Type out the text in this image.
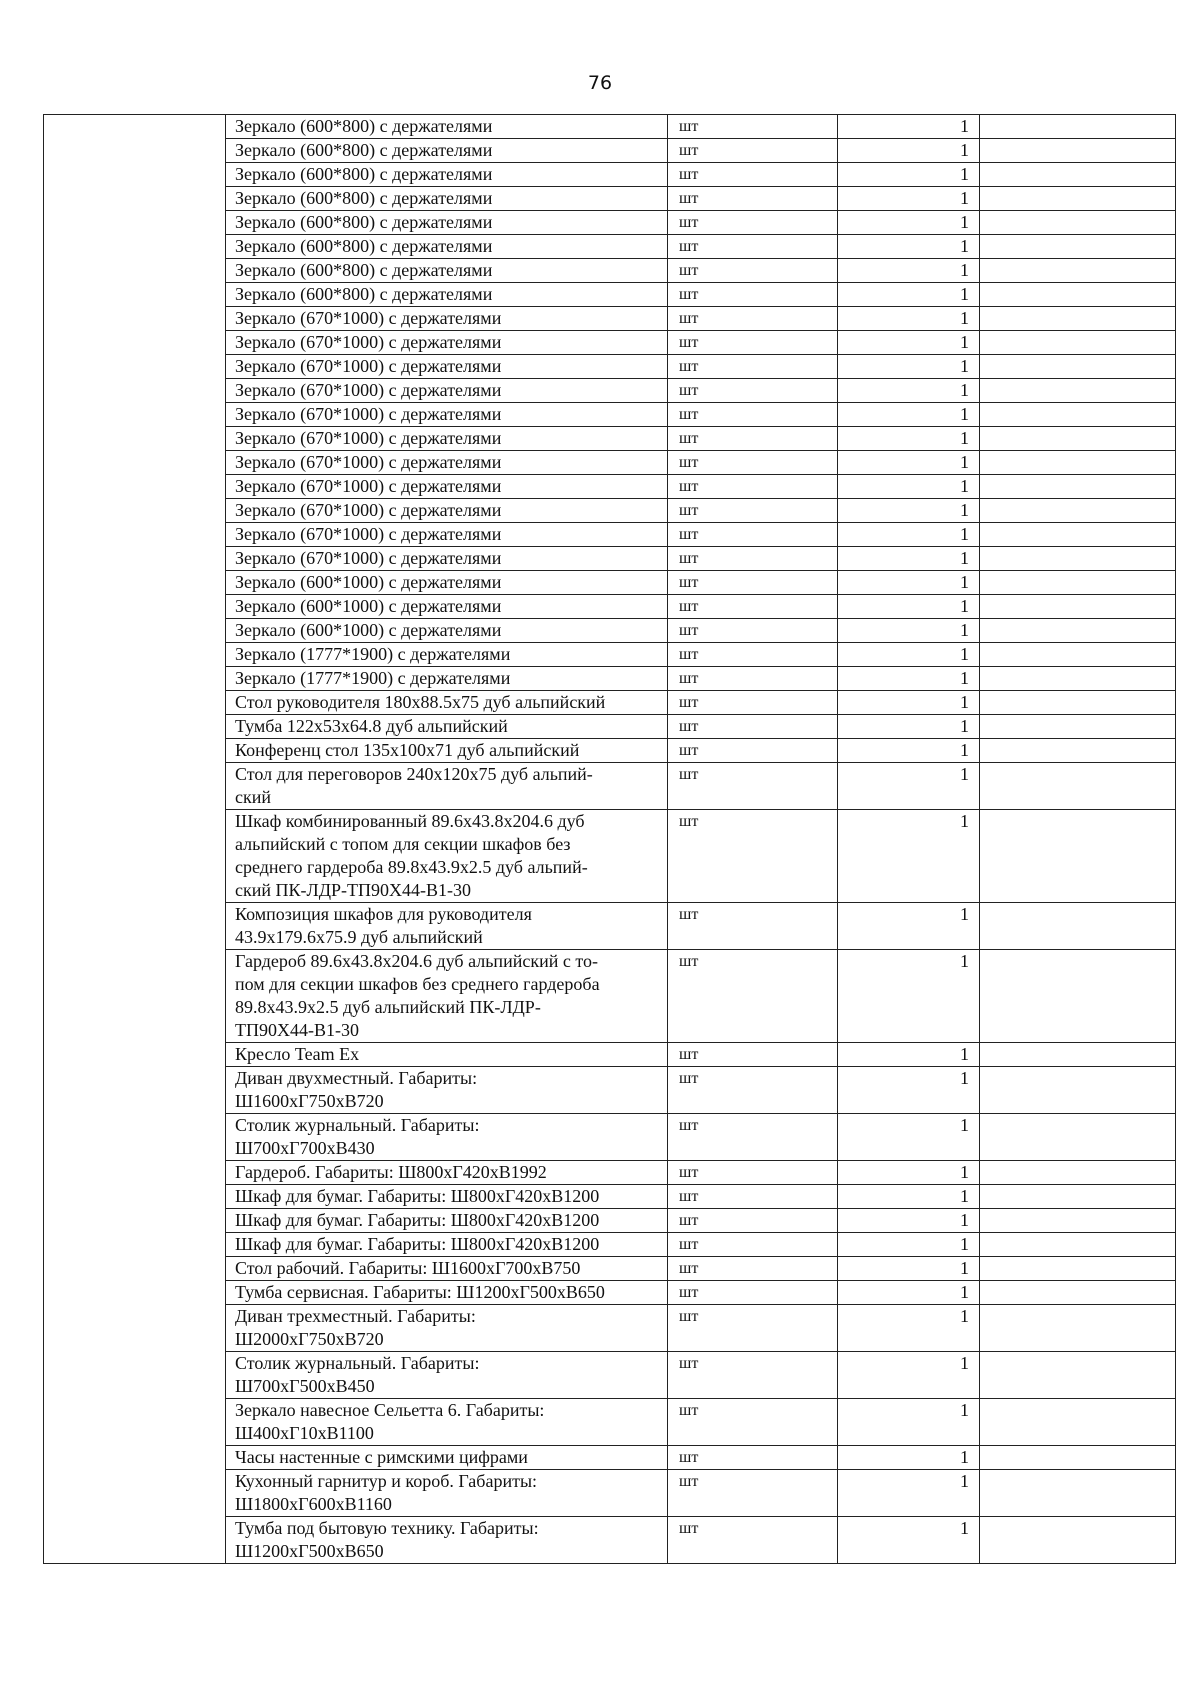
76
	Зеркало (600*800) с держателями	шт	1	
	Зеркало (600*800) с держателями	шт	1	
	Зеркало (600*800) с держателями	шт	1	
	Зеркало (600*800) с держателями	шт	1	
	Зеркало (600*800) с держателями	шт	1	
	Зеркало (600*800) с держателями	шт	1	
	Зеркало (600*800) с держателями	шт	1	
	Зеркало (600*800) с держателями	шт	1	
	Зеркало (670*1000) с держателями	шт	1	
	Зеркало (670*1000) с держателями	шт	1	
	Зеркало (670*1000) с держателями	шт	1	
	Зеркало (670*1000) с держателями	шт	1	
	Зеркало (670*1000) с держателями	шт	1	
	Зеркало (670*1000) с держателями	шт	1	
	Зеркало (670*1000) с держателями	шт	1	
	Зеркало (670*1000) с держателями	шт	1	
	Зеркало (670*1000) с держателями	шт	1	
	Зеркало (670*1000) с держателями	шт	1	
	Зеркало (670*1000) с держателями	шт	1	
	Зеркало (600*1000) с держателями	шт	1	
	Зеркало (600*1000) с держателями	шт	1	
	Зеркало (600*1000) с держателями	шт	1	
	Зеркало (1777*1900) с держателями	шт	1	
	Зеркало (1777*1900) с держателями	шт	1	
	Стол руководителя 180х88.5х75 дуб альпийский	шт	1	
	Тумба 122х53х64.8 дуб альпийский	шт	1	
	Конференц стол 135х100х71 дуб альпийский	шт	1	
	Стол для переговоров 240х120х75 дуб альпий-
ский	шт	1	
	Шкаф комбинированный 89.6х43.8х204.6 дуб
альпийский с топом для секции шкафов без
среднего гардероба 89.8х43.9х2.5 дуб альпий-
ский ПК-ЛДР-ТП90Х44-В1-30	шт	1	
	Композиция шкафов для руководителя
43.9х179.6х75.9 дуб альпийский	шт	1	
	Гардероб 89.6х43.8х204.6 дуб альпийский с то-
пом для секции шкафов без среднего гардероба
89.8х43.9х2.5 дуб альпийский ПК-ЛДР-
ТП90Х44-В1-30	шт	1	
	Кресло Team Ex	шт	1	
	Диван двухместный. Габариты:
Ш1600хГ750хВ720	шт	1	
	Столик журнальный. Габариты:
Ш700хГ700хВ430	шт	1	
	Гардероб. Габариты: Ш800хГ420хВ1992	шт	1	
	Шкаф для бумаг. Габариты: Ш800хГ420хВ1200	шт	1	
	Шкаф для бумаг. Габариты: Ш800хГ420хВ1200	шт	1	
	Шкаф для бумаг. Габариты: Ш800хГ420хВ1200	шт	1	
	Стол рабочий. Габариты: Ш1600хГ700хВ750	шт	1	
	Тумба сервисная. Габариты: Ш1200хГ500хВ650	шт	1	
	Диван трехместный. Габариты:
Ш2000хГ750хВ720	шт	1	
	Столик журнальный. Габариты:
Ш700хГ500хВ450	шт	1	
	Зеркало навесное Сельетта 6. Габариты:
Ш400хГ10хВ1100	шт	1	
	Часы настенные с римскими цифрами	шт	1	
	Кухонный гарнитур и короб. Габариты:
Ш1800хГ600хВ1160	шт	1	
	Тумба под бытовую технику. Габариты:
Ш1200хГ500хВ650	шт	1	
